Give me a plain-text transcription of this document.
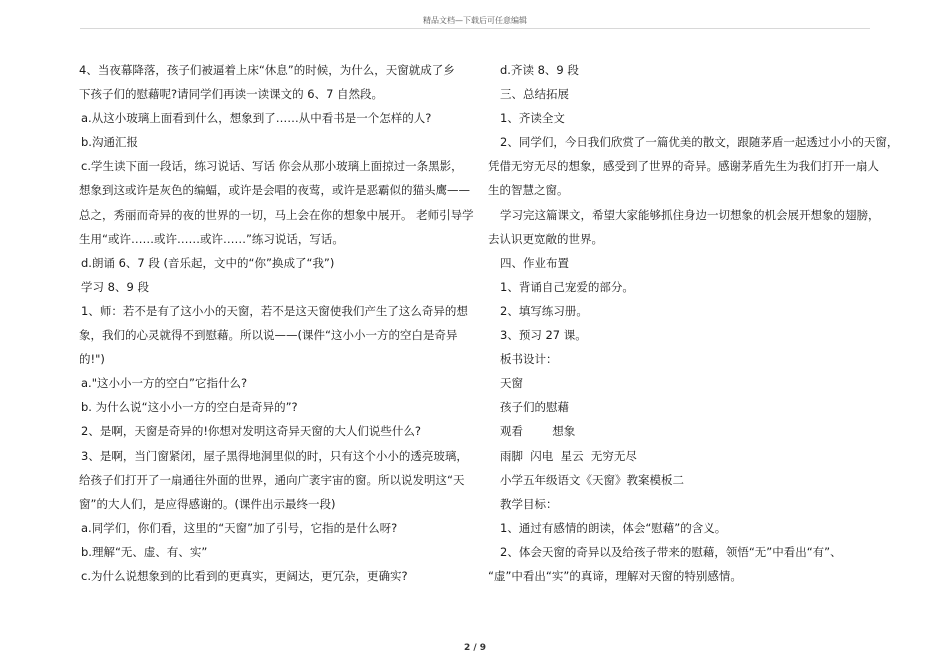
精品文档—下载后可任意编辑
4、当夜幕降落，孩子们被逼着上床“休息”的时候，为什么，天窗就成了乡
下孩子们的慰藉呢?请同学们再读一读课文的 6、7 自然段。
a.从这小玻璃上面看到什么，想象到了……从中看书是一个怎样的人?
b.沟通汇报
c.学生读下面一段话，练习说话、写话 你会从那小玻璃上面掠过一条黑影，
想象到这或许是灰色的编蝠，或许是会唱的夜莺，或许是恶霸似的猫头鹰——
总之，秀丽而奇异的夜的世界的一切，马上会在你的想象中展开。 老师引导学
生用“或许……或许……或许……”练习说话，写话。
d.朗诵 6、7 段 (音乐起，文中的“你”换成了“我”)
学习 8、9 段
1、师：若不是有了这小小的天窗，若不是这天窗使我们产生了这么奇异的想
象，我们的心灵就得不到慰藉。所以说——(课件“这小小一方的空白是奇异
的!")
a."这小小一方的空白”它指什么?
b. 为什么说“这小小一方的空白是奇异的”?
2、是啊，天窗是奇异的!你想对发明这奇异天窗的大人们说些什么?
3、是啊，当门窗紧闭，屋子黑得地洞里似的时，只有这个小小的透亮玻璃，
给孩子们打开了一扇通往外面的世界，通向广袤宇宙的窗。所以说发明这“天
窗”的大人们，是应得感谢的。(课件出示最终一段)
a.同学们，你们看，这里的“天窗”加了引号，它指的是什么呀?
b.理解“无、虚、有、实”
c.为什么说想象到的比看到的更真实，更阔达，更冗杂，更确实?
d.齐读 8、9 段
三、总结拓展
1、齐读全文
2、同学们，今日我们欣赏了一篇优美的散文，跟随茅盾一起透过小小的天窗，
凭借无穷无尽的想象，感受到了世界的奇异。感谢茅盾先生为我们打开一扇人
生的智慧之窗。
学习完这篇课文，希望大家能够抓住身边一切想象的机会展开想象的翅膀，
去认识更宽敞的世界。
四、作业布置
1、背诵自己宠爱的部分。
2、填写练习册。
3、预习 27 课。
板书设计：
天窗
孩子们的慰藉
观看        想象
雨脚  闪电  星云  无穷无尽
小学五年级语文《天窗》教案模板二
教学目标：
1、通过有感情的朗读，体会“慰藉”的含义。
2、体会天窗的奇异以及给孩子带来的慰藉，领悟“无”中看出“有”、
“虚”中看出“实”的真谛，理解对天窗的特别感情。
2 / 9
